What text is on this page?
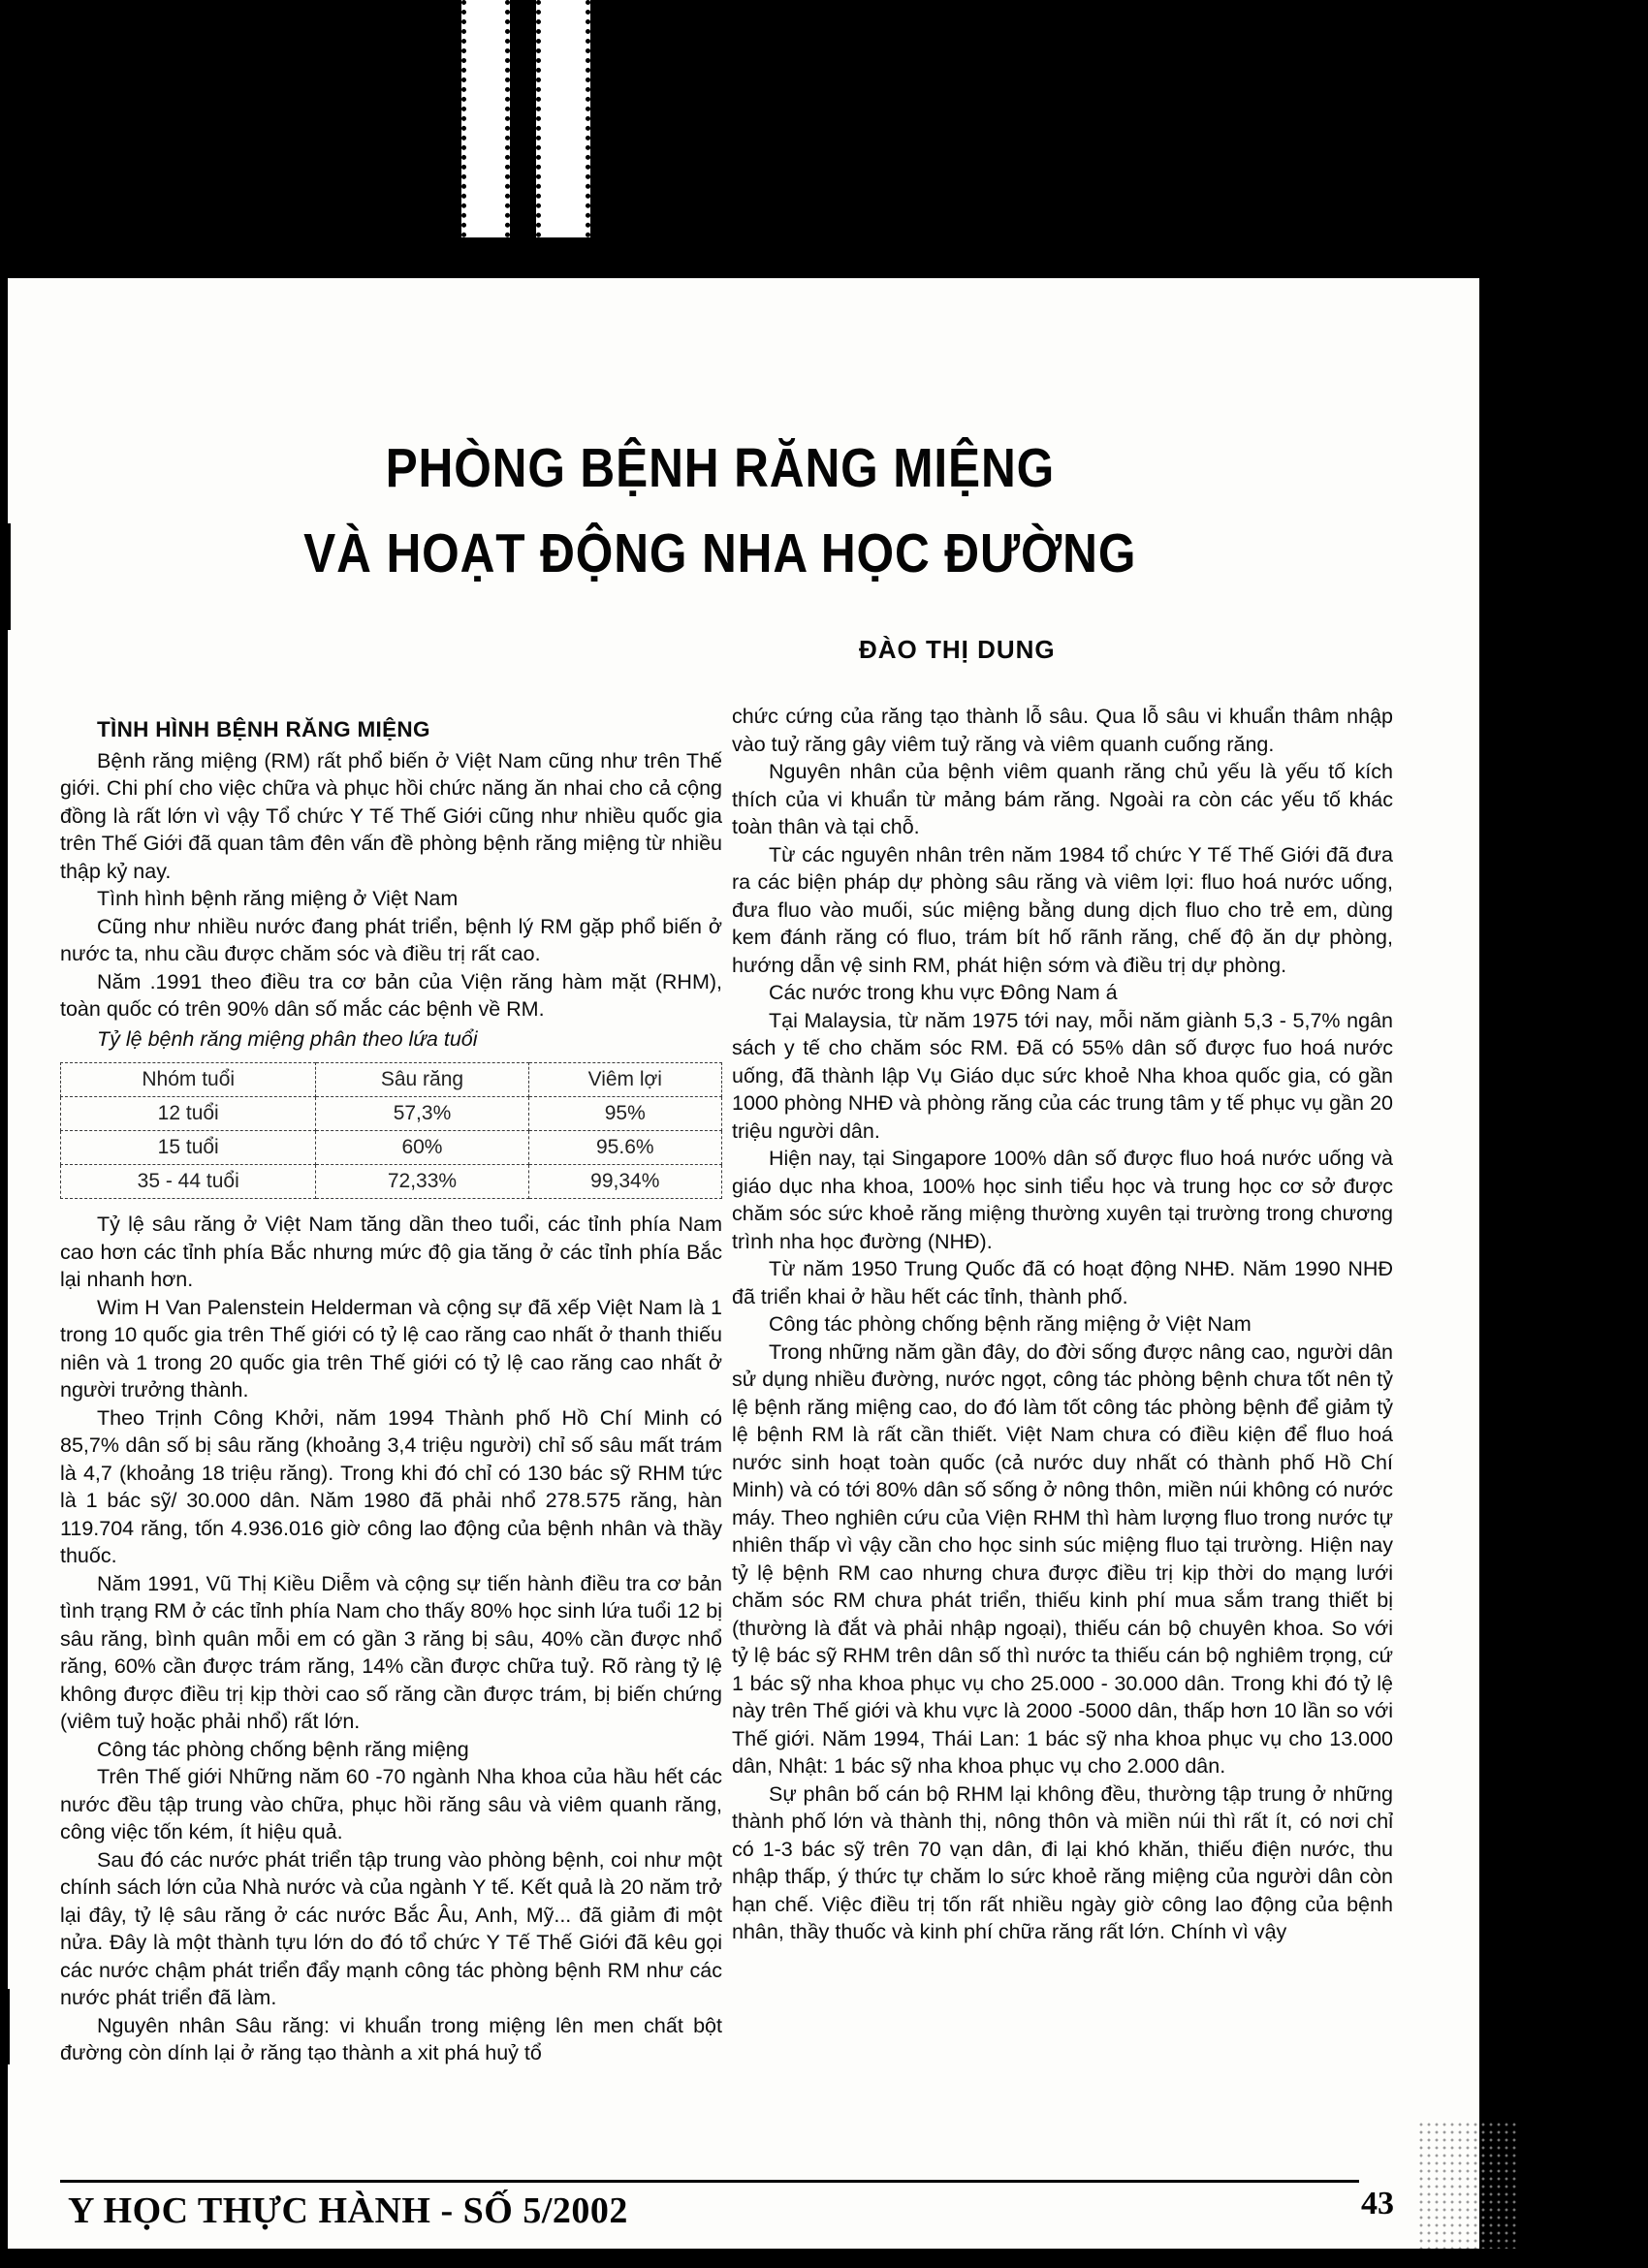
PHÒNG BỆNH RĂNG MIỆNG
VÀ HOẠT ĐỘNG NHA HỌC ĐƯỜNG
ĐÀO THỊ DUNG

TÌNH HÌNH BỆNH RĂNG MIỆNG

Bệnh răng miệng (RM) rất phổ biến ở Việt Nam cũng như trên Thế giới. Chi phí cho việc chữa và phục hồi chức năng ăn nhai cho cả cộng đồng là rất lớn vì vậy Tổ chức Y Tế Thế Giới cũng như nhiều quốc gia trên Thế Giới đã quan tâm đên vấn đề phòng bệnh răng miệng từ nhiều thập kỷ nay.

Tình hình bệnh răng miệng ở Việt Nam

Cũng như nhiều nước đang phát triển, bệnh lý RM gặp phổ biến ở nước ta, nhu cầu được chăm sóc và điều trị rất cao.

Năm .1991 theo điều tra cơ bản của Viện răng hàm mặt (RHM), toàn quốc có trên 90% dân số mắc các bệnh về RM.

Tỷ lệ bệnh răng miệng phân theo lứa tuổi

Nhóm tuổi	Sâu răng	Viêm lợi
12 tuổi	57,3%	95%
15 tuổi	60%	95.6%
35 - 44 tuổi	72,33%	99,34%

Tỷ lệ sâu răng ở Việt Nam tăng dần theo tuổi, các tỉnh phía Nam cao hơn các tỉnh phía Bắc nhưng mức độ gia tăng ở các tỉnh phía Bắc lại nhanh hơn.

Wim H Van Palenstein Helderman và cộng sự đã xếp Việt Nam là 1 trong 10 quốc gia trên Thế giới có tỷ lệ cao răng cao nhất ở thanh thiếu niên và 1 trong 20 quốc gia trên Thế giới có tỷ lệ cao răng cao nhất ở người trưởng thành.

Theo Trịnh Công Khởi, năm 1994 Thành phố Hồ Chí Minh có 85,7% dân số bị sâu răng (khoảng 3,4 triệu người) chỉ số sâu mất trám là 4,7 (khoảng 18 triệu răng). Trong khi đó chỉ có 130 bác sỹ RHM tức là 1 bác sỹ/ 30.000 dân. Năm 1980 đã phải nhổ 278.575 răng, hàn 119.704 răng, tốn 4.936.016 giờ công lao động của bệnh nhân và thầy thuốc.

Năm 1991, Vũ Thị Kiều Diễm và cộng sự tiến hành điều tra cơ bản tình trạng RM ở các tỉnh phía Nam cho thấy 80% học sinh lứa tuổi 12 bị sâu răng, bình quân mỗi em có gần 3 răng bị sâu, 40% cần được nhổ răng, 60% cần được trám răng, 14% cần được chữa tuỷ. Rõ ràng tỷ lệ không được điều trị kịp thời cao số răng cần được trám, bị biến chứng (viêm tuỷ hoặc phải nhổ) rất lớn.

Công tác phòng chống bệnh răng miệng

Trên Thế giới Những năm 60 -70 ngành Nha khoa của hầu hết các nước đều tập trung vào chữa, phục hồi răng sâu và viêm quanh răng, công việc tốn kém, ít hiệu quả.

Sau đó các nước phát triển tập trung vào phòng bệnh, coi như một chính sách lớn của Nhà nước và của ngành Y tế. Kết quả là 20 năm trở lại đây, tỷ lệ sâu răng ở các nước Bắc Âu, Anh, Mỹ... đã giảm đi một nửa. Đây là một thành tựu lớn do đó tổ chức Y Tế Thế Giới đã kêu gọi các nước chậm phát triển đẩy mạnh công tác phòng bệnh RM như các nước phát triển đã làm.

Nguyên nhân Sâu răng: vi khuẩn trong miệng lên men chất bột đường còn dính lại ở răng tạo thành a xit phá huỷ tổ

chức cứng của răng tạo thành lỗ sâu. Qua lỗ sâu vi khuẩn thâm nhập vào tuỷ răng gây viêm tuỷ răng và viêm quanh cuống răng.

Nguyên nhân của bệnh viêm quanh răng chủ yếu là yếu tố kích thích của vi khuẩn từ mảng bám răng. Ngoài ra còn các yếu tố khác toàn thân và tại chỗ.

Từ các nguyên nhân trên năm 1984 tổ chức Y Tế Thế Giới đã đưa ra các biện pháp dự phòng sâu răng và viêm lợi: fluo hoá nước uống, đưa fluo vào muối, súc miệng bằng dung dịch fluo cho trẻ em, dùng kem đánh răng có fluo, trám bít hố rãnh răng, chế độ ăn dự phòng, hướng dẫn vệ sinh RM, phát hiện sớm và điều trị dự phòng.

Các nước trong khu vực Đông Nam á

Tại Malaysia, từ năm 1975 tới nay, mỗi năm giành 5,3 - 5,7% ngân sách y tế cho chăm sóc RM. Đã có 55% dân số được fuo hoá nước uống, đã thành lập Vụ Giáo dục sức khoẻ Nha khoa quốc gia, có gần 1000 phòng NHĐ và phòng răng của các trung tâm y tế phục vụ gần 20 triệu người dân.

Hiện nay, tại Singapore 100% dân số được fluo hoá nước uống và giáo dục nha khoa, 100% học sinh tiểu học và trung học cơ sở được chăm sóc sức khoẻ răng miệng thường xuyên tại trường trong chương trình nha học đường (NHĐ).

Từ năm 1950 Trung Quốc đã có hoạt động NHĐ. Năm 1990 NHĐ đã triển khai ở hầu hết các tỉnh, thành phố.

Công tác phòng chống bệnh răng miệng ở Việt Nam

Trong những năm gần đây, do đời sống được nâng cao, người dân sử dụng nhiều đường, nước ngọt, công tác phòng bệnh chưa tốt nên tỷ lệ bệnh răng miệng cao, do đó làm tốt công tác phòng bệnh để giảm tỷ lệ bệnh RM là rất cần thiết. Việt Nam chưa có điều kiện để fluo hoá nước sinh hoạt toàn quốc (cả nước duy nhất có thành phố Hồ Chí Minh) và có tới 80% dân số sống ở nông thôn, miền núi không có nước máy. Theo nghiên cứu của Viện RHM thì hàm lượng fluo trong nước tự nhiên thấp vì vậy cần cho học sinh súc miệng fluo tại trường. Hiện nay tỷ lệ bệnh RM cao nhưng chưa được điều trị kịp thời do mạng lưới chăm sóc RM chưa phát triển, thiếu kinh phí mua sắm trang thiết bị (thường là đắt và phải nhập ngoại), thiếu cán bộ chuyên khoa. So với tỷ lệ bác sỹ RHM trên dân số thì nước ta thiếu cán bộ nghiêm trọng, cứ 1 bác sỹ nha khoa phục vụ cho 25.000 - 30.000 dân. Trong khi đó tỷ lệ này trên Thế giới và khu vực là 2000 -5000 dân, thấp hơn 10 lần so với Thế giới. Năm 1994, Thái Lan: 1 bác sỹ nha khoa phục vụ cho 13.000 dân, Nhật: 1 bác sỹ nha khoa phục vụ cho 2.000 dân.

Sự phân bố cán bộ RHM lại không đều, thường tập trung ở những thành phố lớn và thành thị, nông thôn và miền núi thì rất ít, có nơi chỉ có 1-3 bác sỹ trên 70 vạn dân, đi lại khó khăn, thiếu điện nước, thu nhập thấp, ý thức tự chăm lo sức khoẻ răng miệng của người dân còn hạn chế. Việc điều trị tốn rất nhiều ngày giờ công lao động của bệnh nhân, thầy thuốc và kinh phí chữa răng rất lớn. Chính vì vậy

Y HỌC THỰC HÀNH - SỐ 5/2002	43
